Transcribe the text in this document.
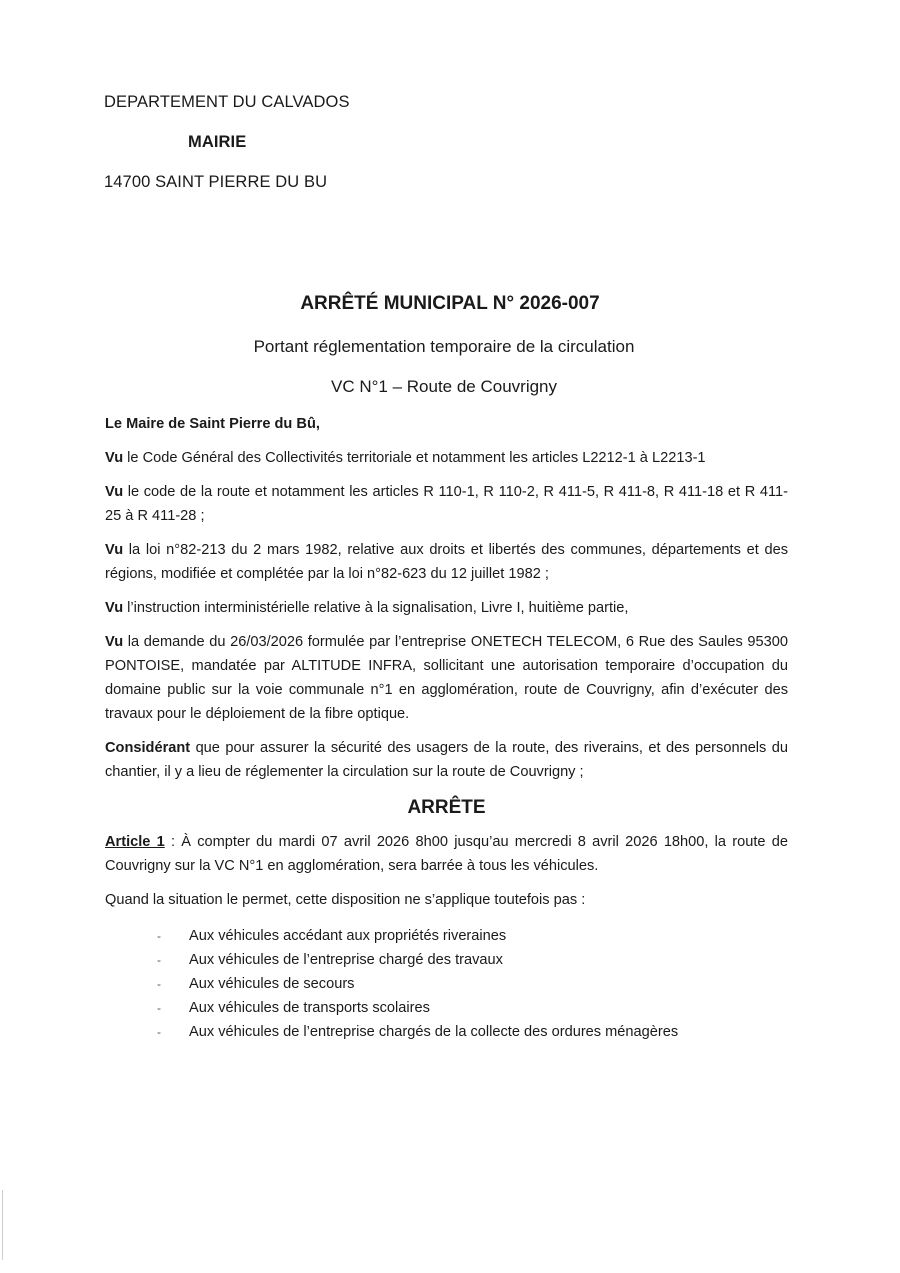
DEPARTEMENT DU CALVADOS
MAIRIE
14700 SAINT PIERRE DU BU
ARRÊTÉ MUNICIPAL N° 2026-007
Portant réglementation temporaire de la circulation
VC N°1 – Route de Couvrigny

Le Maire de Saint Pierre du Bû,

Vu le Code Général des Collectivités territoriale et notamment les articles L2212-1 à L2213-1

Vu le code de la route et notamment les articles R 110-1, R 110-2, R 411-5, R 411-8, R 411-18 et R 411-25 à R 411-28 ;

Vu la loi n°82-213 du 2 mars 1982, relative aux droits et libertés des communes, départements et des régions, modifiée et complétée par la loi n°82-623 du 12 juillet 1982 ;

Vu l’instruction interministérielle relative à la signalisation, Livre I, huitième partie,

Vu la demande du 26/03/2026 formulée par l’entreprise ONETECH TELECOM, 6 Rue des Saules 95300 PONTOISE, mandatée par ALTITUDE INFRA, sollicitant une autorisation temporaire d’occupation du domaine public sur la voie communale n°1 en agglomération, route de Couvrigny, afin d’exécuter des travaux pour le déploiement de la fibre optique.

Considérant que pour assurer la sécurité des usagers de la route, des riverains, et des personnels du chantier, il y a lieu de réglementer la circulation sur la route de Couvrigny ;

ARRÊTE

Article 1 : À compter du mardi 07 avril 2026 8h00 jusqu’au mercredi 8 avril 2026 18h00, la route de Couvrigny sur la VC N°1 en agglomération, sera barrée à tous les véhicules.

Quand la situation le permet, cette disposition ne s’applique toutefois pas :

- Aux véhicules accédant aux propriétés riveraines
- Aux véhicules de l’entreprise chargé des travaux
- Aux véhicules de secours
- Aux véhicules de transports scolaires
- Aux véhicules de l’entreprise chargés de la collecte des ordures ménagères
